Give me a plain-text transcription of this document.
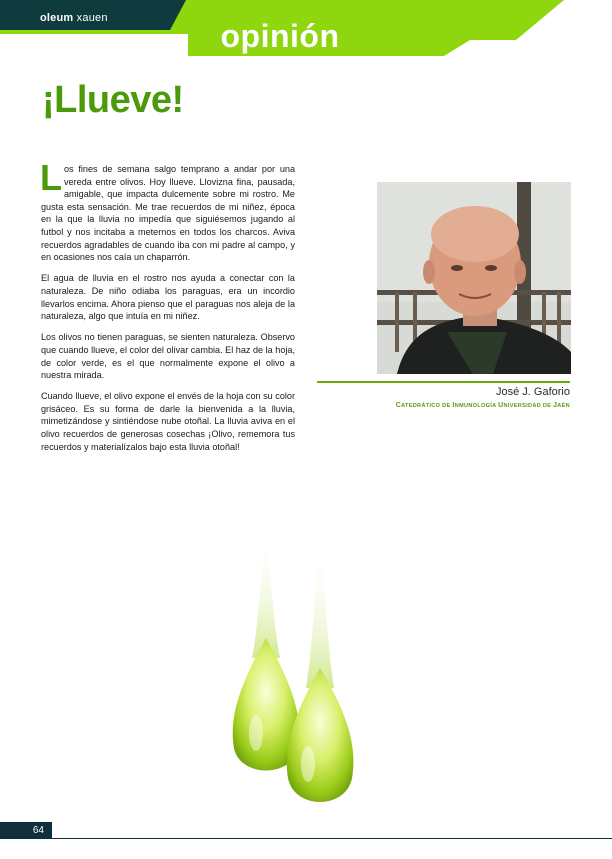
oleum xauen	opinión
¡Llueve!

Los fines de semana salgo temprano a andar por una vereda entre olivos. Hoy llueve. Llovizna fina, pausada, amigable, que impacta dulcemente sobre mi rostro. Me gusta esta sensación. Me trae recuerdos de mi niñez, época en la que la lluvia no impedía que siguiésemos jugando al futbol y nos incitaba a meternos en todos los charcos. Aviva recuerdos agradables de cuando iba con mi padre al campo, y en ocasiones nos caía un chaparrón.

El agua de lluvia en el rostro nos ayuda a conectar con la naturaleza. De niño odiaba los paraguas, era un incordio llevarlos encima. Ahora pienso que el paraguas nos aleja de la naturaleza, algo que intuía en mi niñez.

Los olivos no tienen paraguas, se sienten naturaleza. Observo que cuando llueve, el color del olivar cambia. El haz de la hoja, de color verde, es el que normalmente expone el olivo a nuestra mirada.

Cuando llueve, el olivo expone el envés de la hoja con su color grisáceo. Es su forma de darle la bienvenida a la lluvia, mimetizándose y sintiéndose nube otoñal. La lluvia aviva en el olivo recuerdos de generosas cosechas ¡Olivo, rememora tus recuerdos y materialízalos bajo esta lluvia otoñal!

José J. Gaforio
CATEDRÁTICO DE INMUNOLOGÍA UNIVERSIDAD DE JAÉN
64
